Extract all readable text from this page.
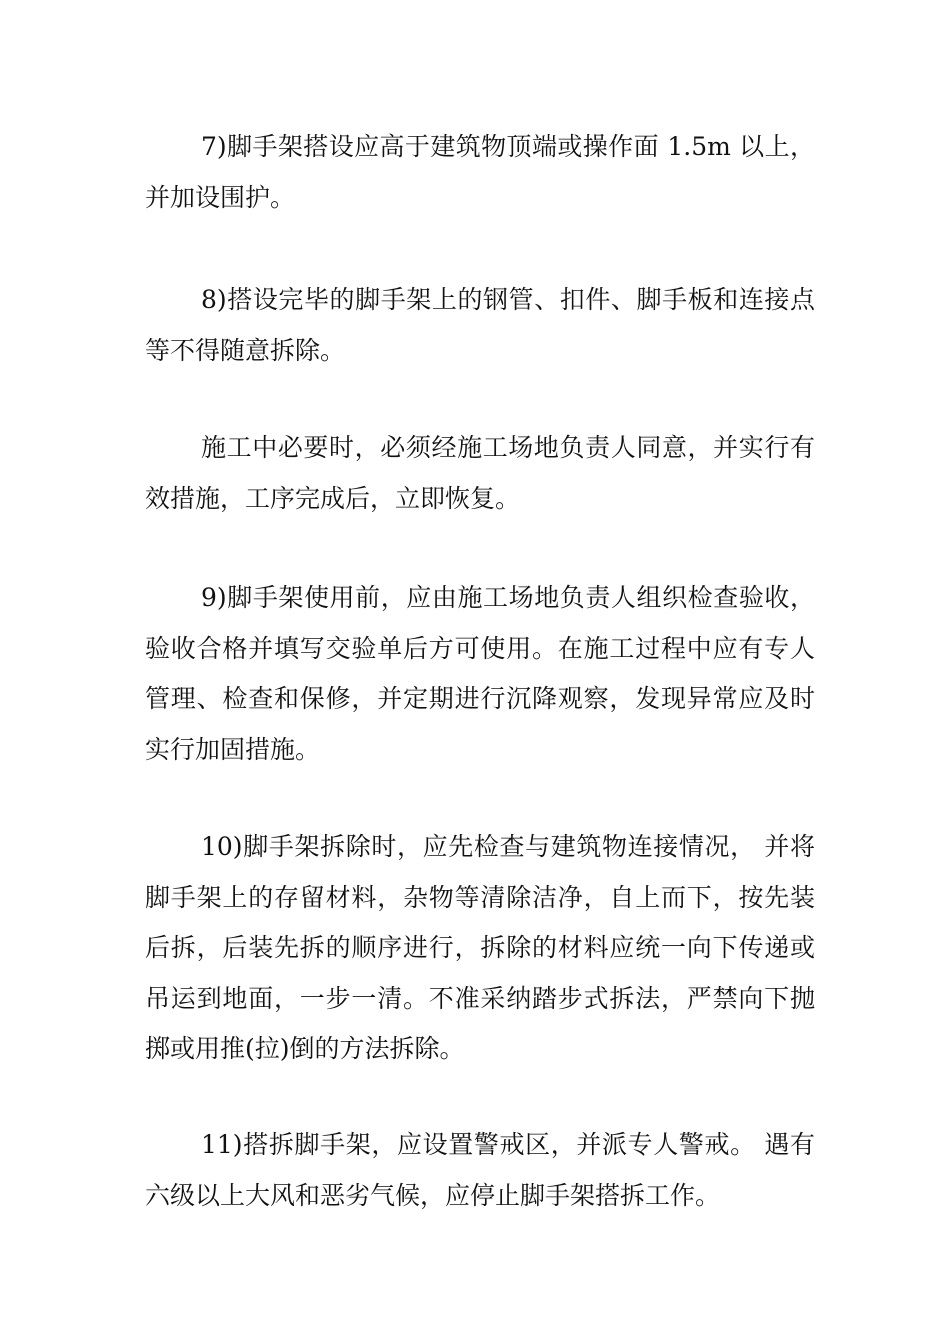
7)脚手架搭设应高于建筑物顶端或操作面 1.5m 以上，并加设围护。

8)搭设完毕的脚手架上的钢管、扣件、脚手板和连接点等不得随意拆除。

施工中必要时，必须经施工场地负责人同意，并实行有效措施，工序完成后，立即恢复。

9)脚手架使用前，应由施工场地负责人组织检查验收，验收合格并填写交验单后方可使用。在施工过程中应有专人管理、检查和保修，并定期进行沉降观察，发现异常应及时实行加固措施。

10)脚手架拆除时，应先检查与建筑物连接情况， 并将脚手架上的存留材料，杂物等清除洁净，自上而下，按先装后拆，后装先拆的顺序进行，拆除的材料应统一向下传递或吊运到地面，一步一清。不准采纳踏步式拆法，严禁向下抛掷或用推(拉)倒的方法拆除。

11)搭拆脚手架，应设置警戒区，并派专人警戒。 遇有六级以上大风和恶劣气候，应停止脚手架搭拆工作。
